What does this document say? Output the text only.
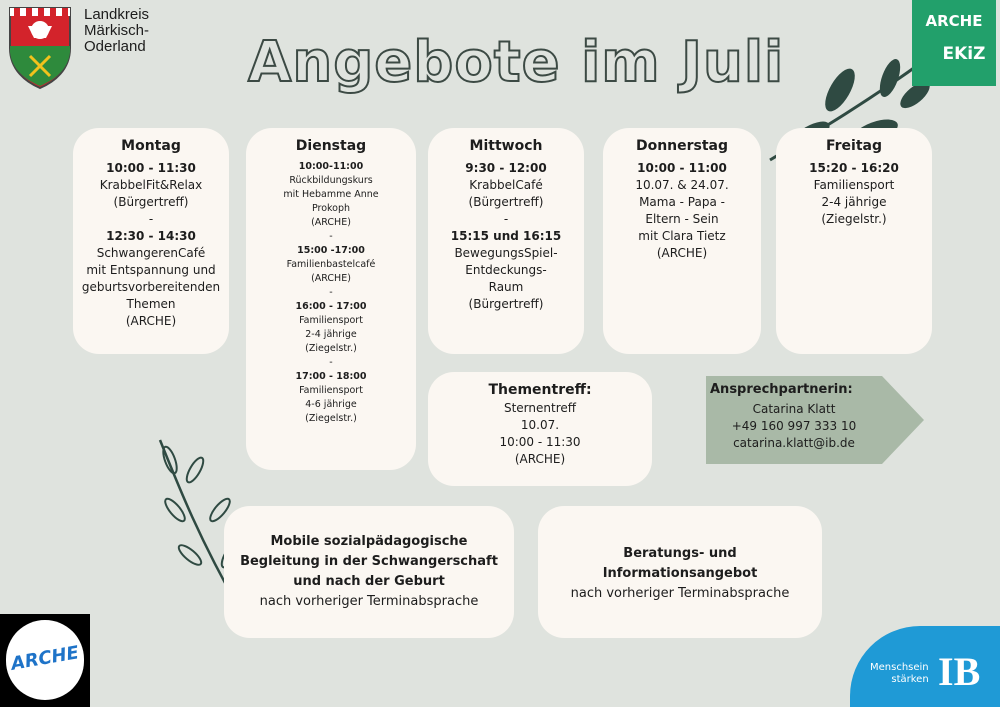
Landkreis
Märkisch-
Oderland Angebote im Juli
ARCHE
EKiZ
Montag
10:00 - 11:30
KrabbelFit&Relax
(Bürgertreff)
-
12:30 - 14:30
SchwangerenCafé
mit Entspannung und
geburtsvorbereitenden
Themen
(ARCHE)
Dienstag
10:00-11:00
Rückbildungskurs
mit Hebamme Anne
Prokoph
(ARCHE)
-
15:00 -17:00
Familienbastelcafé
(ARCHE)
-
16:00 - 17:00
Familiensport
2-4 jährige
(Ziegelstr.)
-
17:00 - 18:00
Familiensport
4-6 jährige
(Ziegelstr.)
Mittwoch
9:30 - 12:00
KrabbelCafé
(Bürgertreff)
-
15:15 und 16:15
BewegungsSpiel-
Entdeckungs-
Raum
(Bürgertreff)
Donnerstag
10:00 - 11:00
10.07. & 24.07.
Mama - Papa -
Eltern - Sein
mit Clara Tietz
(ARCHE)
Freitag
15:20 - 16:20
Familiensport
2-4 jährige
(Ziegelstr.)
Thementreff:
Sternentreff
10.07.
10:00 - 11:30
(ARCHE)
Ansprechpartnerin:
Catarina Klatt
+49 160 997 333 10
catarina.klatt@ib.de
Mobile sozialpädagogische
Begleitung in der Schwangerschaft
und nach der Geburt
nach vorheriger Terminabsprache
Beratungs- und
Informationsangebot
nach vorheriger Terminabsprache
ARCHE	Menschsein
stärken IB
